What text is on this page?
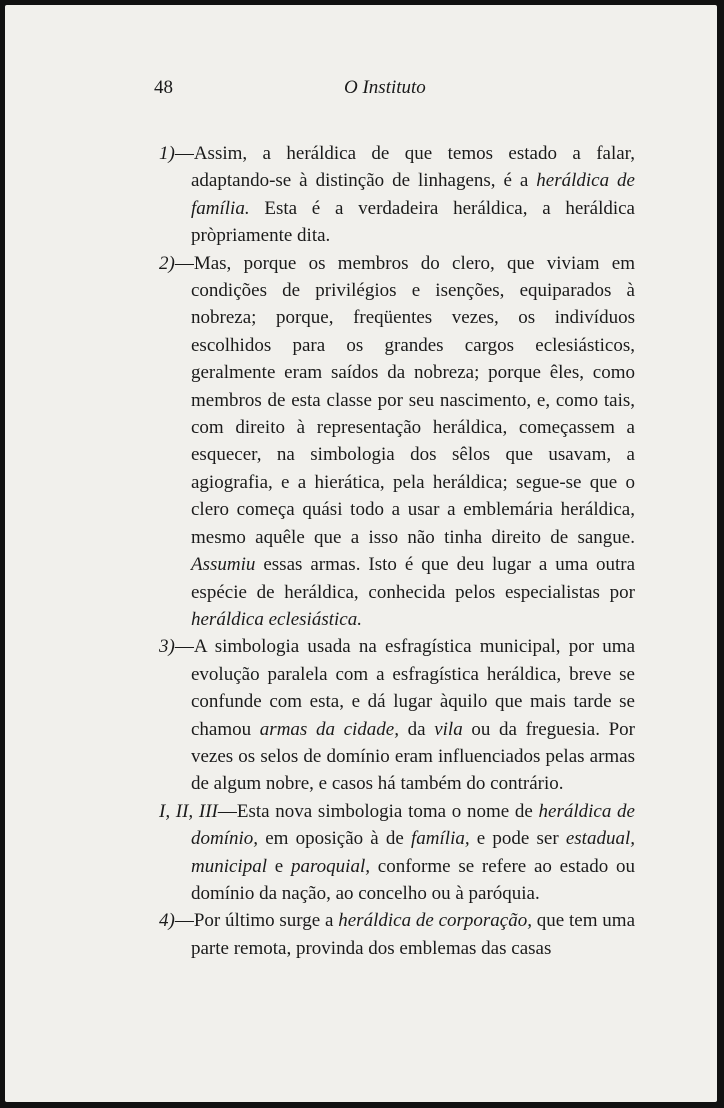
48	O Instituto

1)—Assim, a heráldica de que temos estado a falar, adaptando-se à distinção de linhagens, é a heráldica de família. Esta é a verdadeira heráldica, a heráldica pròpriamente dita.

2)—Mas, porque os membros do clero, que viviam em condições de privilégios e isenções, equiparados à nobreza; porque, freqüentes vezes, os indivíduos escolhidos para os grandes cargos eclesiásticos, geralmente eram saídos da nobreza; porque êles, como membros de esta classe por seu nascimento, e, como tais, com direito à representação heráldica, começassem a esquecer, na simbologia dos sêlos que usavam, a agiografia, e a hierática, pela heráldica; segue-se que o clero começa quási todo a usar a emblemária heráldica, mesmo aquêle que a isso não tinha direito de sangue. Assumiu essas armas. Isto é que deu lugar a uma outra espécie de heráldica, conhecida pelos especialistas por heráldica eclesiástica.

3)—A simbologia usada na esfragística municipal, por uma evolução paralela com a esfragística heráldica, breve se confunde com esta, e dá lugar àquilo que mais tarde se chamou armas da cidade, da vila ou da freguesia. Por vezes os selos de domínio eram influenciados pelas armas de algum nobre, e casos há também do contrário.

I, II, III—Esta nova simbologia toma o nome de heráldica de domínio, em oposição à de família, e pode ser estadual, municipal e paroquial, conforme se refere ao estado ou domínio da nação, ao concelho ou à paróquia.

4)—Por último surge a heráldica de corporação, que tem uma parte remota, provinda dos emblemas das casas
